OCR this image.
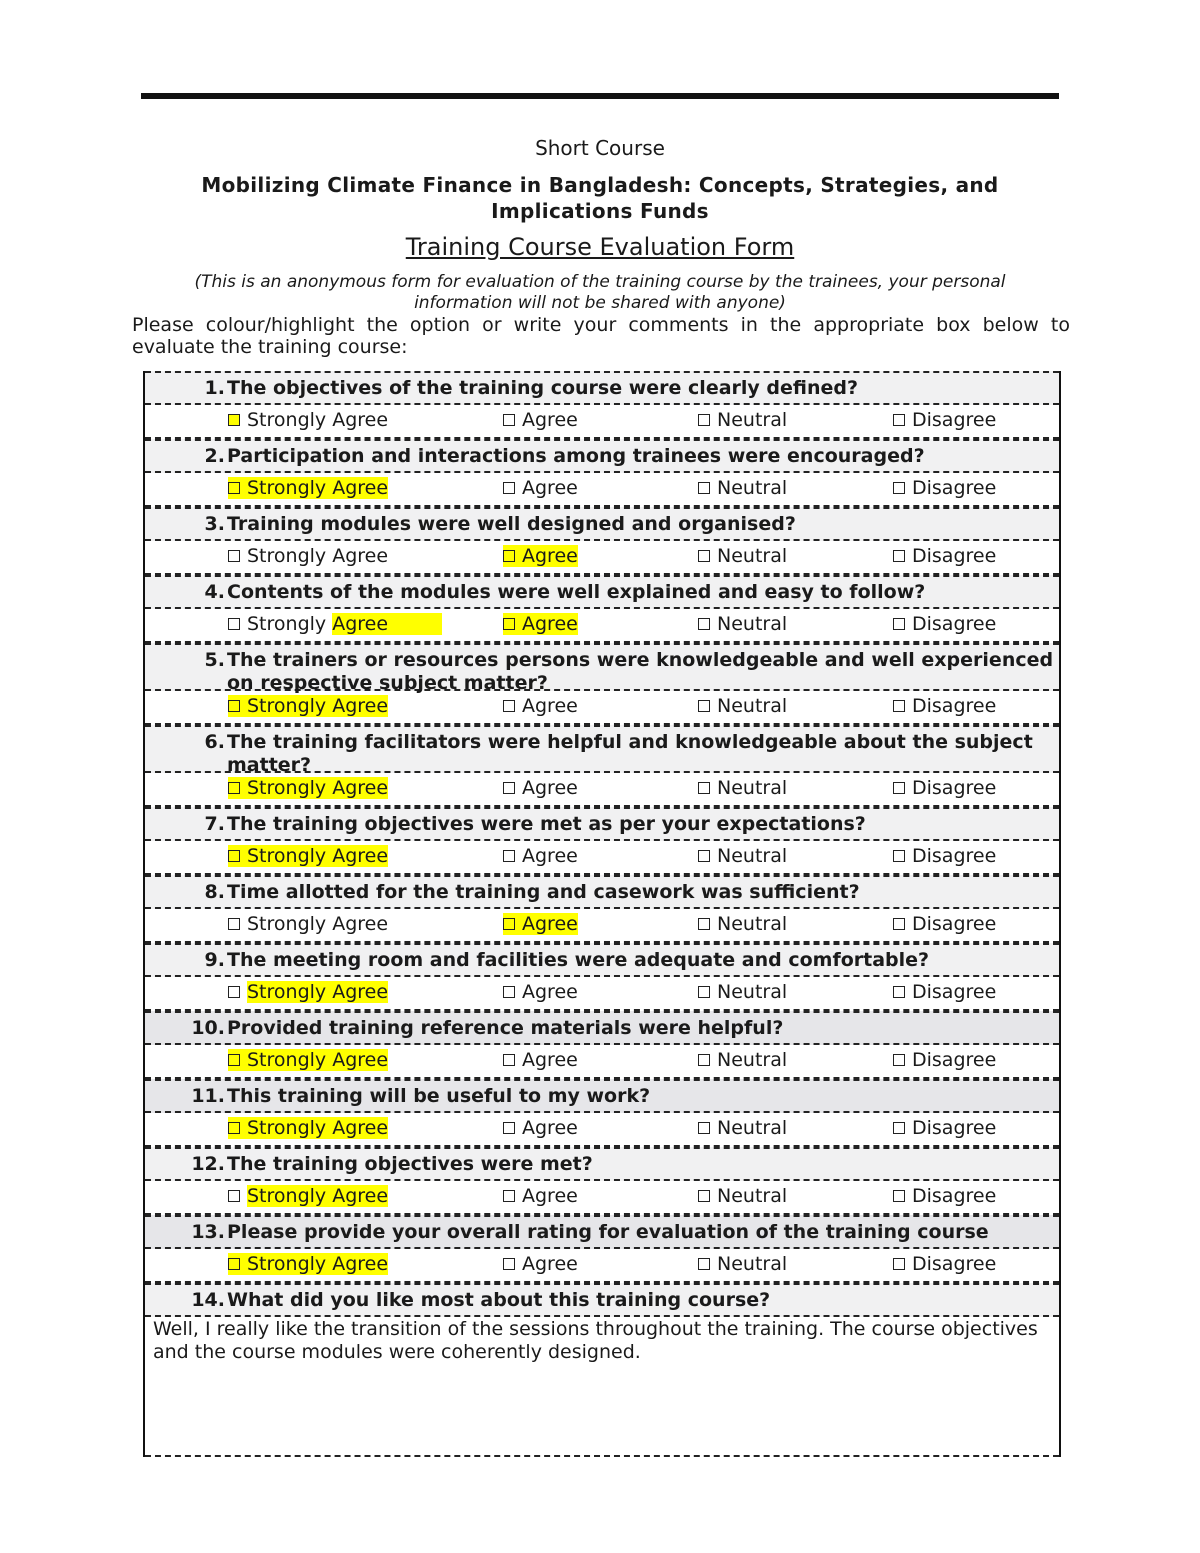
Short Course
Mobilizing Climate Finance in Bangladesh: Concepts, Strategies, and
Implications Funds
Training Course Evaluation Form
(This is an anonymous form for evaluation of the training course by the trainees, your personal
information will not be shared with anyone)
Please colour/highlight the option or write your comments in the appropriate box below to evaluate the training course:
1. The objectives of the training course were clearly defined?
Strongly Agree	Agree	Neutral	Disagree
2. Participation and interactions among trainees were encouraged?
Strongly Agree	Agree	Neutral	Disagree
3. Training modules were well designed and organised?
Strongly Agree	Agree	Neutral	Disagree
4. Contents of the modules were well explained and easy to follow?
Strongly Agree	Agree	Neutral	Disagree
5. The trainers or resources persons were knowledgeable and well experienced on respective subject matter?
Strongly Agree	Agree	Neutral	Disagree
6. The training facilitators were helpful and knowledgeable about the subject matter?
Strongly Agree	Agree	Neutral	Disagree
7. The training objectives were met as per your expectations?
Strongly Agree	Agree	Neutral	Disagree
8. Time allotted for the training and casework was sufficient?
Strongly Agree	Agree	Neutral	Disagree
9. The meeting room and facilities were adequate and comfortable?
Strongly Agree	Agree	Neutral	Disagree
10. Provided training reference materials were helpful?
Strongly Agree	Agree	Neutral	Disagree
11. This training will be useful to my work?
Strongly Agree	Agree	Neutral	Disagree
12. The training objectives were met?
Strongly Agree	Agree	Neutral	Disagree
13. Please provide your overall rating for evaluation of the training course
Strongly Agree	Agree	Neutral	Disagree
14. What did you like most about this training course?
Well, I really like the transition of the sessions throughout the training. The course objectives and the course modules were coherently designed.
